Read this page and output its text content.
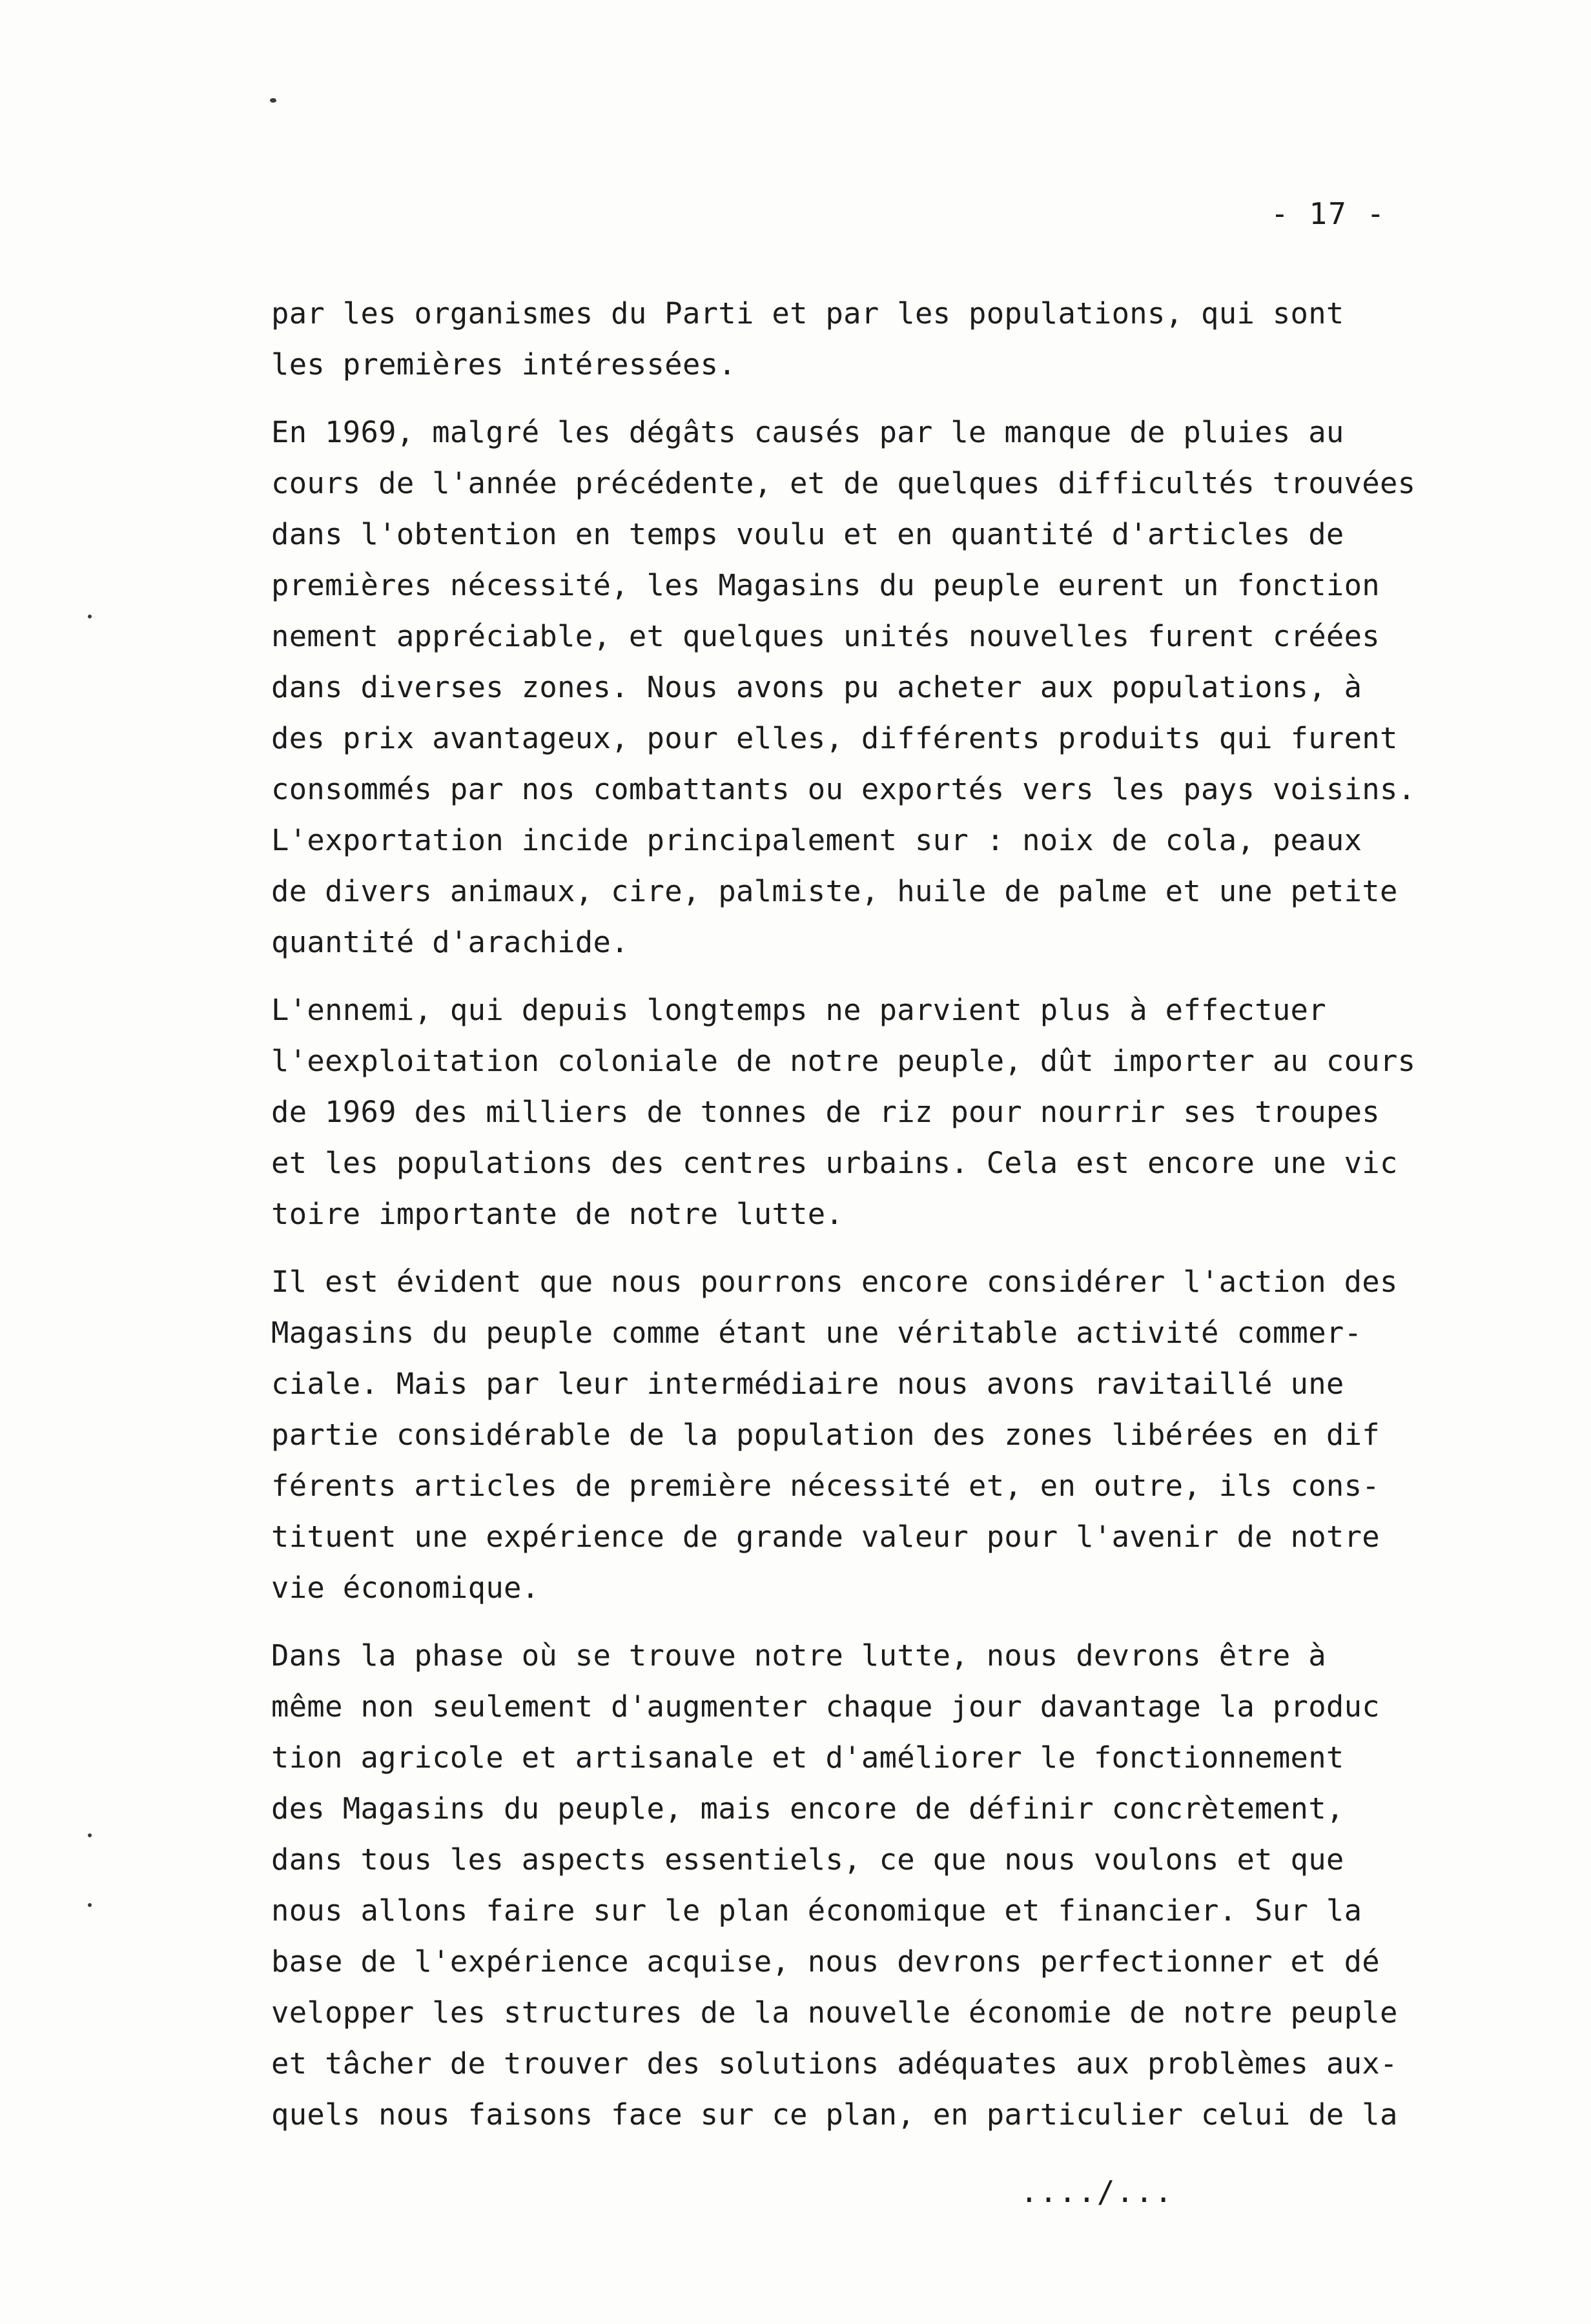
- 17 -
par les organismes du Parti et par les populations, qui sont
les premières intéressées.
En 1969, malgré les dégâts causés par le manque de pluies au
cours de l'année précédente, et de quelques difficultés trouvées
dans l'obtention en temps voulu et en quantité d'articles de
premières nécessité, les Magasins du peuple eurent un fonction
nement appréciable, et quelques unités nouvelles furent créées
dans diverses zones. Nous avons pu acheter aux populations, à
des prix avantageux, pour elles, différents produits qui furent
consommés par nos combattants ou exportés vers les pays voisins.
L'exportation incide principalement sur : noix de cola, peaux
de divers animaux, cire, palmiste, huile de palme et une petite
quantité d'arachide.
L'ennemi, qui depuis longtemps ne parvient plus à effectuer
l'eexploitation coloniale de notre peuple, dût importer au cours
de 1969 des milliers de tonnes de riz pour nourrir ses troupes
et les populations des centres urbains. Cela est encore une vic
toire importante de notre lutte.
Il est évident que nous pourrons encore considérer l'action des
Magasins du peuple comme étant une véritable activité commer-
ciale. Mais par leur intermédiaire nous avons ravitaillé une
partie considérable de la population des zones libérées en dif
férents articles de première nécessité et, en outre, ils cons-
tituent une expérience de grande valeur pour l'avenir de notre
vie économique.
Dans la phase où se trouve notre lutte, nous devrons être à
même non seulement d'augmenter chaque jour davantage la produc
tion agricole et artisanale et d'améliorer le fonctionnement
des Magasins du peuple, mais encore de définir concrètement,
dans tous les aspects essentiels, ce que nous voulons et que
nous allons faire sur le plan économique et financier. Sur la
base de l'expérience acquise, nous devrons perfectionner et dé
velopper les structures de la nouvelle économie de notre peuple
et tâcher de trouver des solutions adéquates aux problèmes aux-
quels nous faisons face sur ce plan, en particulier celui de la
..../...
